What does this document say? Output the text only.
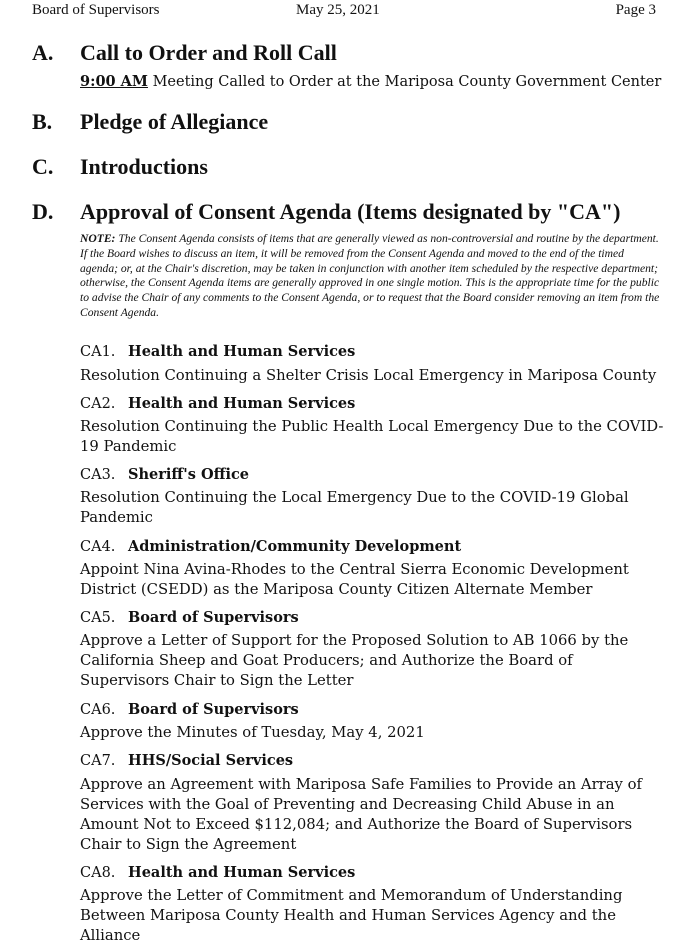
Board of Supervisors	May 25, 2021	Page 3
A. Call to Order and Roll Call
9:00 AM Meeting Called to Order at the Mariposa County Government Center
B. Pledge of Allegiance
C. Introductions
D. Approval of Consent Agenda (Items designated by "CA")
NOTE: The Consent Agenda consists of items that are generally viewed as non-controversial and routine by the department. If the Board wishes to discuss an item, it will be removed from the Consent Agenda and moved to the end of the timed agenda; or, at the Chair's discretion, may be taken in conjunction with another item scheduled by the respective department; otherwise, the Consent Agenda items are generally approved in one single motion. This is the appropriate time for the public to advise the Chair of any comments to the Consent Agenda, or to request that the Board consider removing an item from the Consent Agenda.
CA1. Health and Human Services
Resolution Continuing a Shelter Crisis Local Emergency in Mariposa County
CA2. Health and Human Services
Resolution Continuing the Public Health Local Emergency Due to the COVID-19 Pandemic
CA3. Sheriff's Office
Resolution Continuing the Local Emergency Due to the COVID-19 Global Pandemic
CA4. Administration/Community Development
Appoint Nina Avina-Rhodes to the Central Sierra Economic Development District (CSEDD) as the Mariposa County Citizen Alternate Member
CA5. Board of Supervisors
Approve a Letter of Support for the Proposed Solution to AB 1066 by the California Sheep and Goat Producers; and Authorize the Board of Supervisors Chair to Sign the Letter
CA6. Board of Supervisors
Approve the Minutes of Tuesday, May 4, 2021
CA7. HHS/Social Services
Approve an Agreement with Mariposa Safe Families to Provide an Array of Services with the Goal of Preventing and Decreasing Child Abuse in an Amount Not to Exceed $112,084; and Authorize the Board of Supervisors Chair to Sign the Agreement
CA8. Health and Human Services
Approve the Letter of Commitment and Memorandum of Understanding Between Mariposa County Health and Human Services Agency and the Alliance
